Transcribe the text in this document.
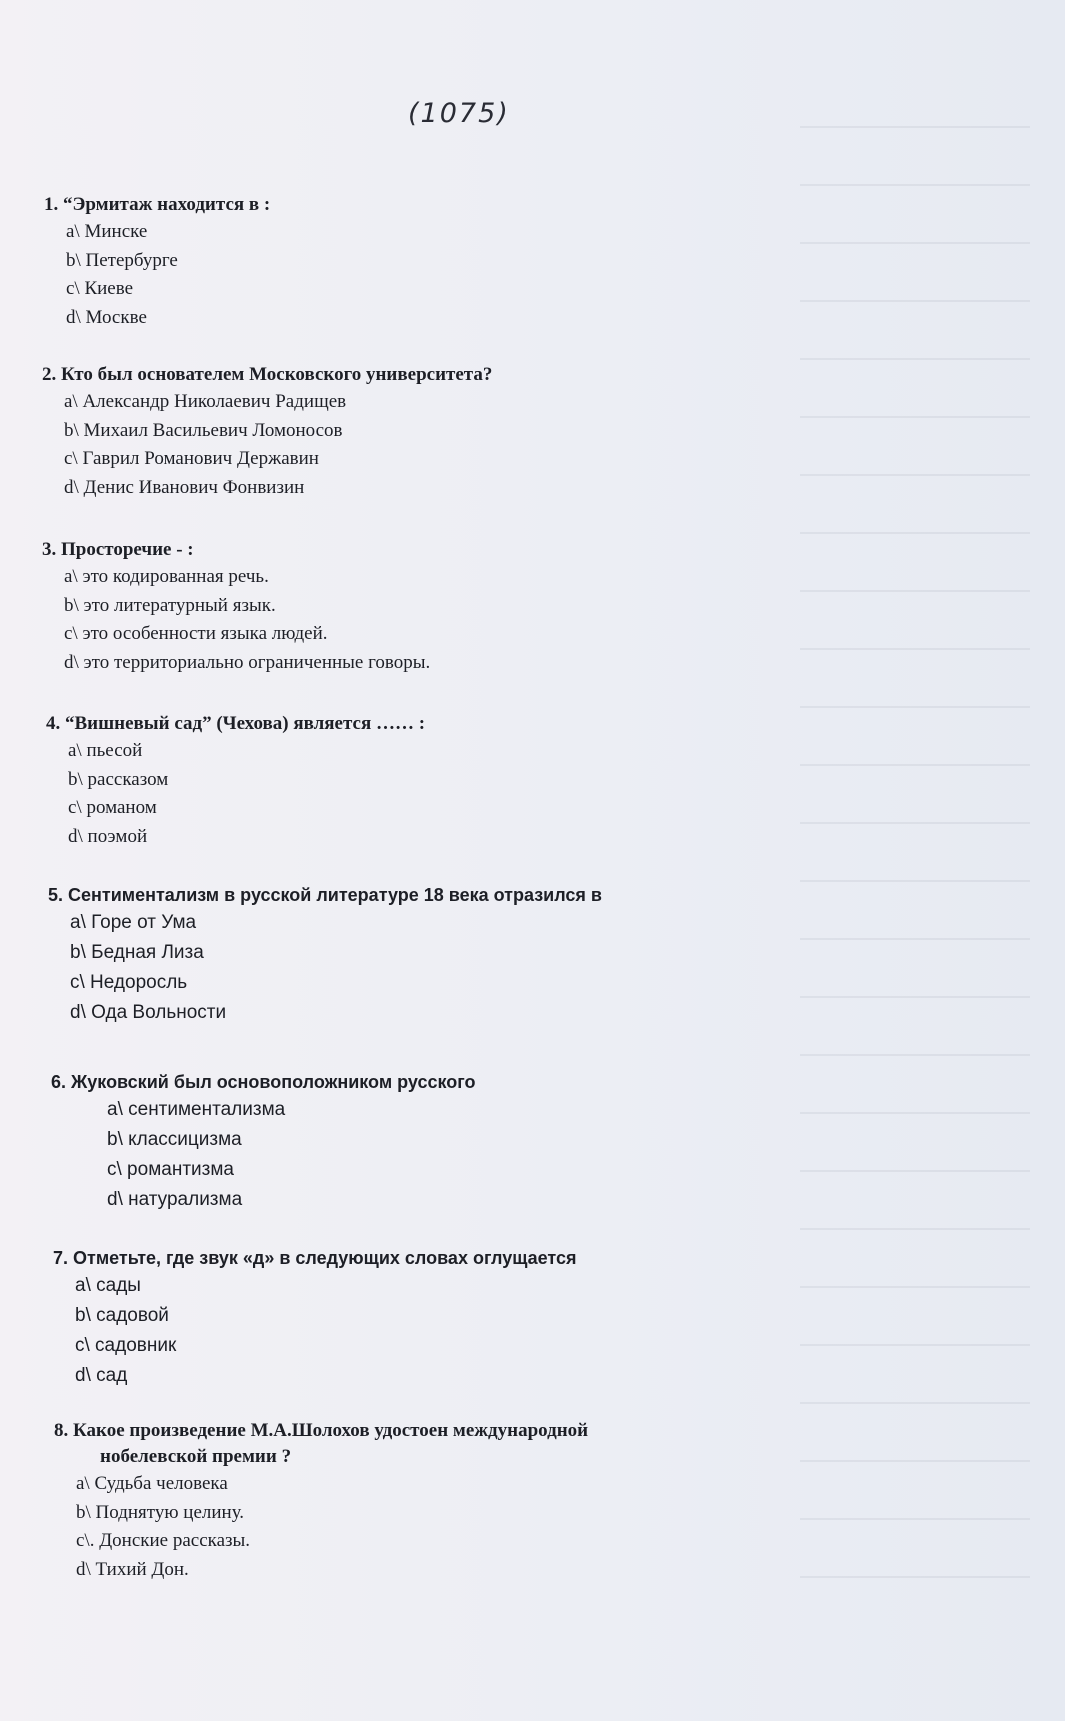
(1075)
1. “Эрмитаж находится в :
a\ Минске
b\ Петербурге
c\ Киеве
d\ Москве
2. Кто был основателем Московского университета?
a\ Александр Николаевич Радищев
b\ Михаил Васильевич Ломоносов
c\ Гаврил Романович Державин
d\ Денис Иванович Фонвизин
3. Просторечие - :
a\ это кодированная речь.
b\ это литературный язык.
c\ это особенности языка людей.
d\ это территориально ограниченные говоры.
4. “Вишневый сад” (Чехова) является …… :
a\ пьесой
b\ рассказом
c\ романом
d\ поэмой
5. Сентиментализм в русской литературе 18 века отразился в
a\ Горе от Ума
b\ Бедная Лиза
c\ Недоросль
d\ Ода Вольности
6. Жуковский был основоположником русского
a\ сентиментализма
b\ классицизма
c\ романтизма
d\ натурализма
7. Отметьте, где звук «д» в следующих словах оглущается
a\ сады
b\ садовой
c\ садовник
d\ сад
8. Какое произведение М.А.Шолохов удостоен международной
нобелевской премии ?
a\ Судьба человека
b\ Поднятую целину.
c\. Донские рассказы.
d\ Тихий Дон.
